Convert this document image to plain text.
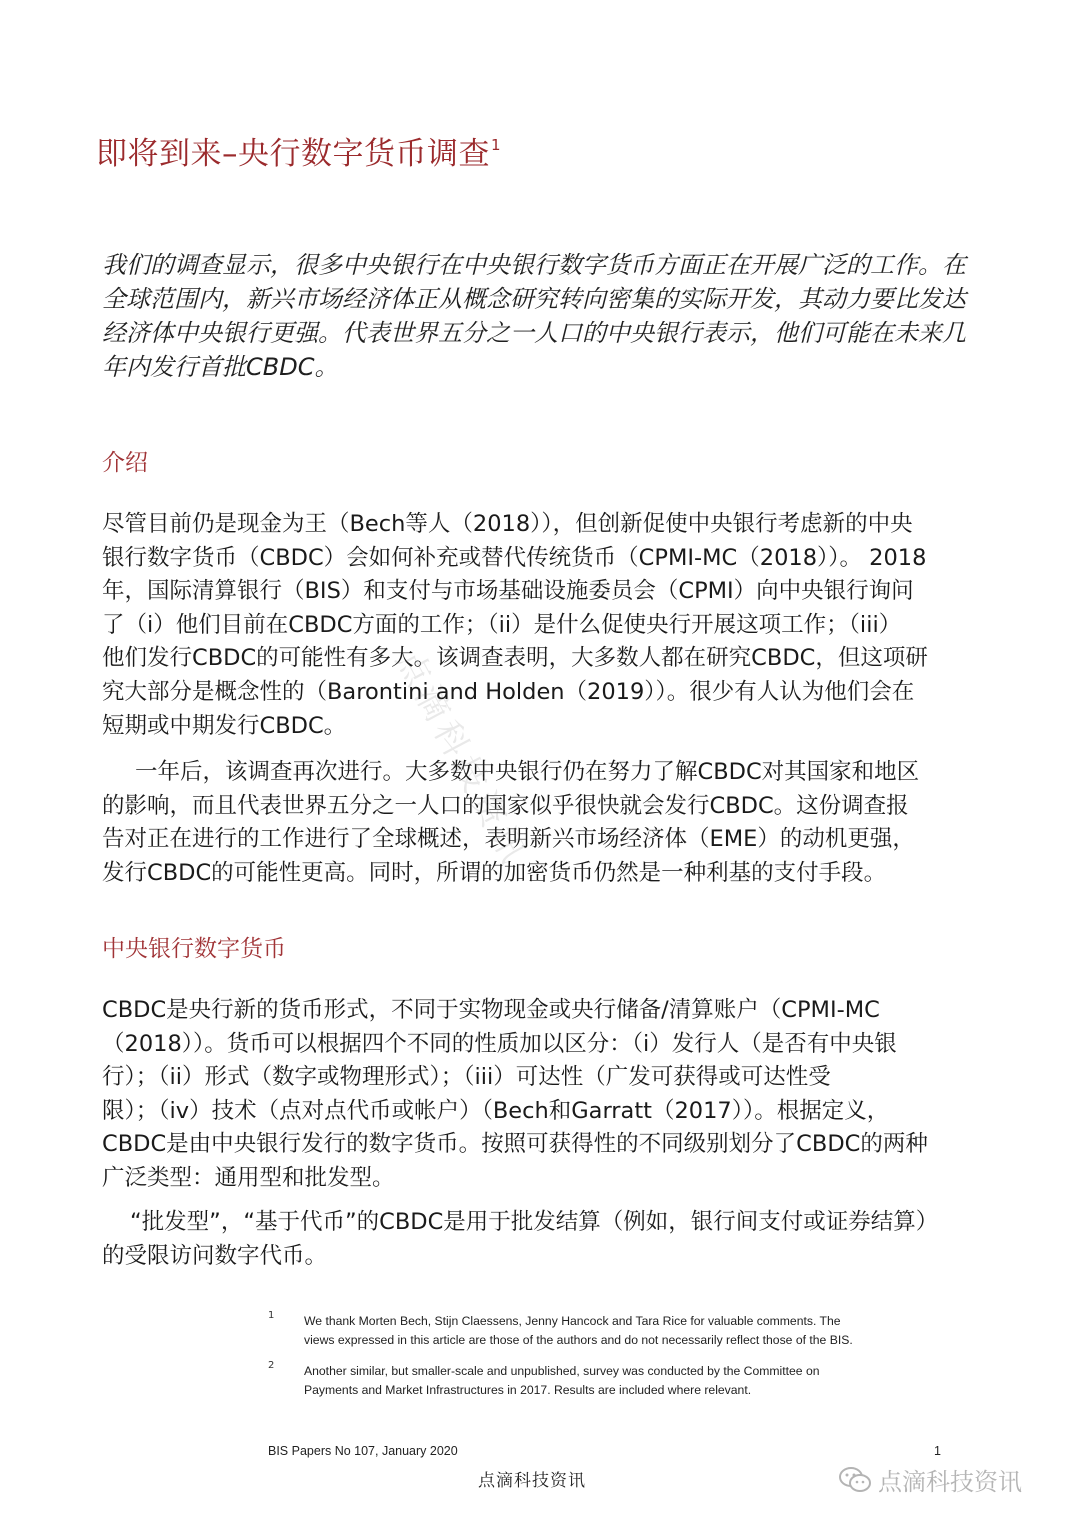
即将到来–央行数字货币调查$^1$
我们的调查显示，很多中央银行在中央银行数字货币方面正在开展广泛的工作。在
全球范围内，新兴市场经济体正从概念研究转向密集的实际开发，其动力要比发达
经济体中央银行更强。代表世界五分之一人口的中央银行表示，他们可能在未来几
年内发行首批CBDC。
介绍
尽管目前仍是现金为王（Bech等人（2018）），但创新促使中央银行考虑新的中央
银行数字货币（CBDC）会如何补充或替代传统货币（CPMI-MC（2018））。 2018
年，国际清算银行（BIS）和支付与市场基础设施委员会（CPMI）向中央银行询问
了（i）他们目前在CBDC方面的工作；（ii）是什么促使央行开展这项工作；（iii）
他们发行CBDC的可能性有多大。该调查表明，大多数人都在研究CBDC，但这项研
究大部分是概念性的（Barontini and Holden（2019））。很少有人认为他们会在
短期或中期发行CBDC。
一年后，该调查再次进行。大多数中央银行仍在努力了解CBDC对其国家和地区
的影响，而且代表世界五分之一人口的国家似乎很快就会发行CBDC。这份调查报
告对正在进行的工作进行了全球概述，表明新兴市场经济体（EME）的动机更强，
发行CBDC的可能性更高。同时，所谓的加密货币仍然是一种利基的支付手段。
中央银行数字货币
CBDC是央行新的货币形式，不同于实物现金或央行储备/清算账户（CPMI-MC
（2018））。货币可以根据四个不同的性质加以区分：（i）发行人（是否有中央银
行）；（ii）形式（数字或物理形式）；（iii）可达性（广发可获得或可达性受
限）；（iv）技术（点对点代币或帐户）（Bech和Garratt（2017））。根据定义，
CBDC是由中央银行发行的数字货币。按照可获得性的不同级别划分了CBDC的两种
广泛类型：通用型和批发型。
“批发型”，“基于代币”的CBDC是用于批发结算（例如，银行间支付或证券结算）
的受限访问数字代币。
1 We thank Morten Bech, Stijn Claessens, Jenny Hancock and Tara Rice for valuable comments. The
views expressed in this article are those of the authors and do not necessarily reflect those of the BIS.
2 Another similar, but smaller-scale and unpublished, survey was conducted by the Committee on
Payments and Market Infrastructures in 2017. Results are included where relevant.
BIS Papers No 107, January 2020	1
点滴科技资讯	点滴科技资讯
点滴科技资讯
